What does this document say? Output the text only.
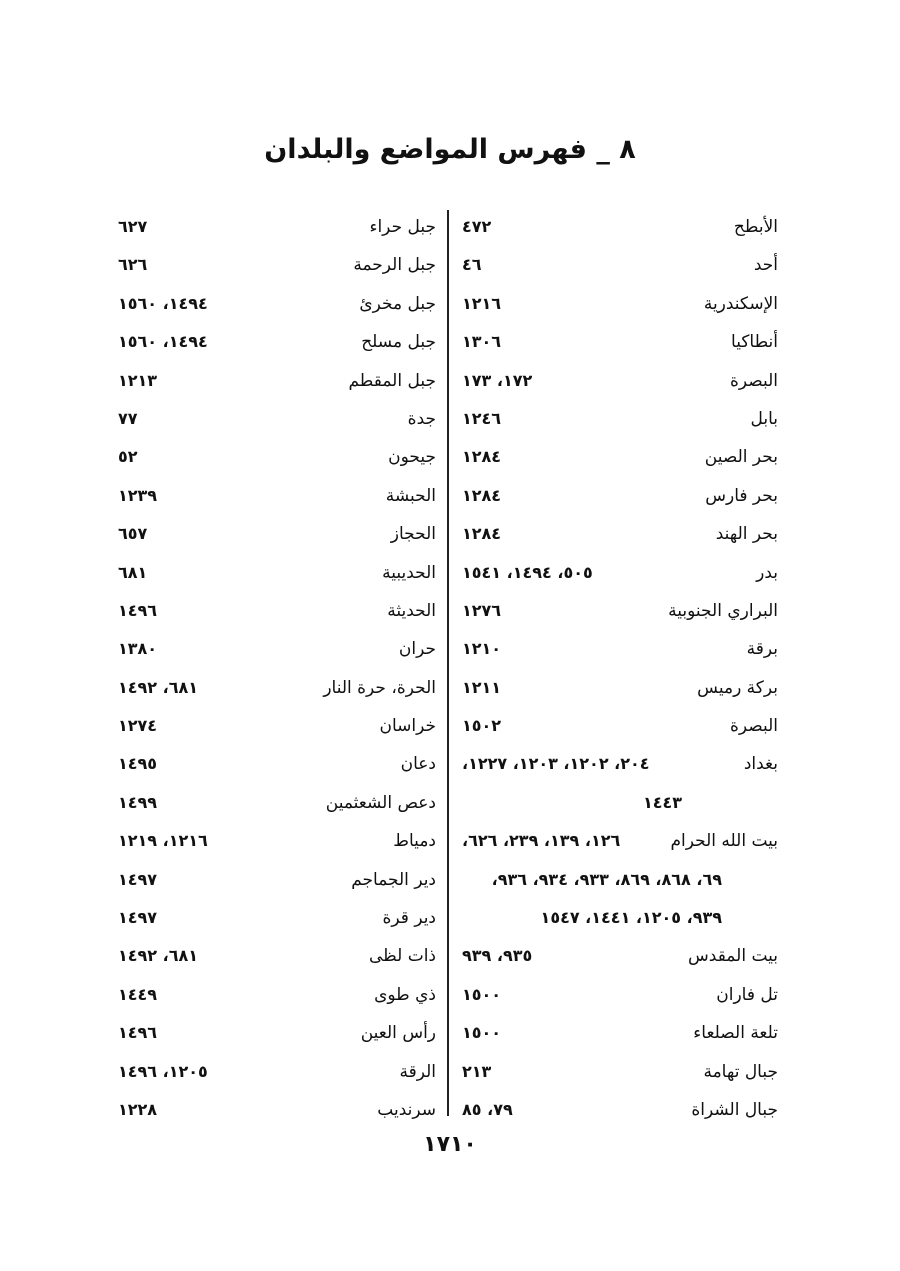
٨ _ فهرس المواضع والبلدان
الأبطح
٤٧٢
أحد
٤٦
الإسكندرية
١٢١٦
أنطاكيا
١٣٠٦
البصرة
١٧٢، ١٧٣
بابل
١٢٤٦
بحر الصين
١٢٨٤
بحر فارس
١٢٨٤
بحر الهند
١٢٨٤
بدر
٥٠٥، ١٤٩٤، ١٥٤١
البراري الجنوبية
١٢٧٦
برقة
١٢١٠
بركة رميس
١٢١١
البصرة
١٥٠٢
بغداد
٢٠٤، ١٢٠٢، ١٢٠٣، ١٢٢٧،
١٤٤٣
بيت الله الحرام
١٢٦، ١٣٩، ٢٣٩، ٦٢٦،
٦٩، ٨٦٨، ٨٦٩، ٩٣٣، ٩٣٤، ٩٣٦،
٩٣٩، ١٢٠٥، ١٤٤١، ١٥٤٧
بيت المقدس
٩٣٥، ٩٣٩
تل فاران
١٥٠٠
تلعة الصلعاء
١٥٠٠
جبال تهامة
٢١٣
جبال الشراة
٧٩، ٨٥
جبل حراء
٦٢٧
جبل الرحمة
٦٢٦
جبل مخرئ
١٤٩٤، ١٥٦٠
جبل مسلح
١٤٩٤، ١٥٦٠
جبل المقطم
١٢١٣
جدة
٧٧
جيحون
٥٢
الحبشة
١٢٣٩
الحجاز
٦٥٧
الحديبية
٦٨١
الحديثة
١٤٩٦
حران
١٣٨٠
الحرة، حرة النار
٦٨١، ١٤٩٢
خراسان
١٢٧٤
دعان
١٤٩٥
دعص الشعثمين
١٤٩٩
دمياط
١٢١٦، ١٢١٩
دير الجماجم
١٤٩٧
دير قرة
١٤٩٧
ذات لظى
٦٨١، ١٤٩٢
ذي طوى
١٤٤٩
رأس العين
١٤٩٦
الرقة
١٢٠٥، ١٤٩٦
سرنديب
١٢٢٨
١٧١٠
